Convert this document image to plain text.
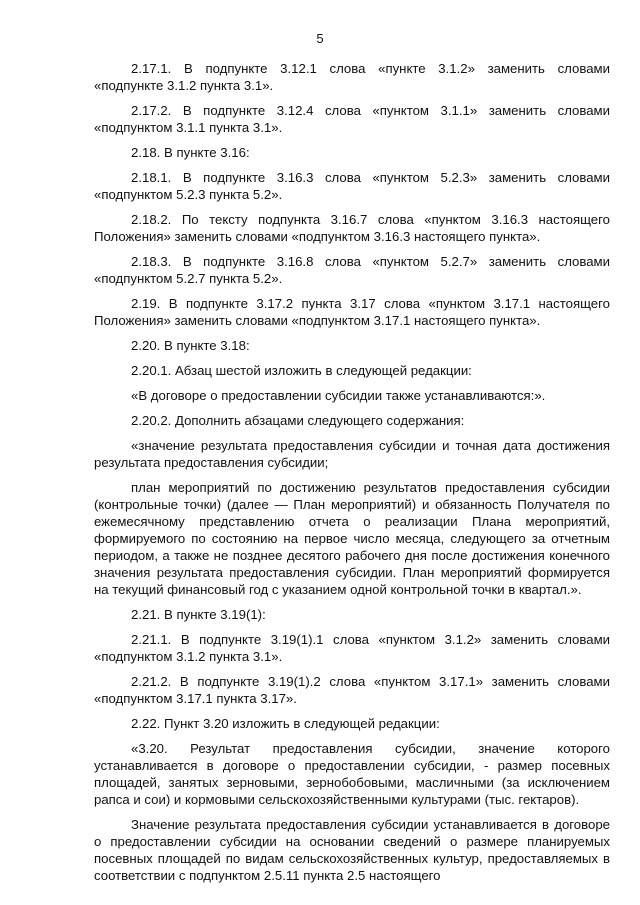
5

2.17.1. В подпункте 3.12.1 слова «пункте 3.1.2» заменить словами «подпункте 3.1.2 пункта 3.1».

2.17.2. В подпункте 3.12.4 слова «пунктом 3.1.1» заменить словами «подпунктом 3.1.1 пункта 3.1».

2.18. В пункте 3.16:

2.18.1. В подпункте 3.16.3 слова «пунктом 5.2.3» заменить словами «подпунктом 5.2.3 пункта 5.2».

2.18.2. По тексту подпункта 3.16.7 слова «пунктом 3.16.3 настоящего Положения» заменить словами «подпунктом 3.16.3 настоящего пункта».

2.18.3. В подпункте 3.16.8 слова «пунктом 5.2.7» заменить словами «подпунктом 5.2.7 пункта 5.2».

2.19. В подпункте 3.17.2 пункта 3.17 слова «пунктом 3.17.1 настоящего Положения» заменить словами «подпунктом 3.17.1 настоящего пункта».

2.20. В пункте 3.18:

2.20.1. Абзац шестой изложить в следующей редакции:

«В договоре о предоставлении субсидии также устанавливаются:».

2.20.2. Дополнить абзацами следующего содержания:

«значение результата предоставления субсидии и точная дата достижения результата предоставления субсидии;

план мероприятий по достижению результатов предоставления субсидии (контрольные точки) (далее — План мероприятий) и обязанность Получателя по ежемесячному представлению отчета о реализации Плана мероприятий, формируемого по состоянию на первое число месяца, следующего за отчетным периодом, а также не позднее десятого рабочего дня после достижения конечного значения результата предоставления субсидии. План мероприятий формируется на текущий финансовый год с указанием одной контрольной точки в квартал.».

2.21. В пункте 3.19(1):

2.21.1. В подпункте 3.19(1).1 слова «пунктом 3.1.2» заменить словами «подпунктом 3.1.2 пункта 3.1».

2.21.2. В подпункте 3.19(1).2 слова «пунктом 3.17.1» заменить словами «подпунктом 3.17.1 пункта 3.17».

2.22. Пункт 3.20 изложить в следующей редакции:

«3.20. Результат предоставления субсидии, значение которого устанавливается в договоре о предоставлении субсидии, - размер посевных площадей, занятых зерновыми, зернобобовыми, масличными (за исключением рапса и сои) и кормовыми сельскохозяйственными культурами (тыс. гектаров).

Значение результата предоставления субсидии устанавливается в договоре о предоставлении субсидии на основании сведений о размере планируемых посевных площадей по видам сельскохозяйственных культур, предоставляемых в соответствии с подпунктом 2.5.11 пункта 2.5 настоящего
